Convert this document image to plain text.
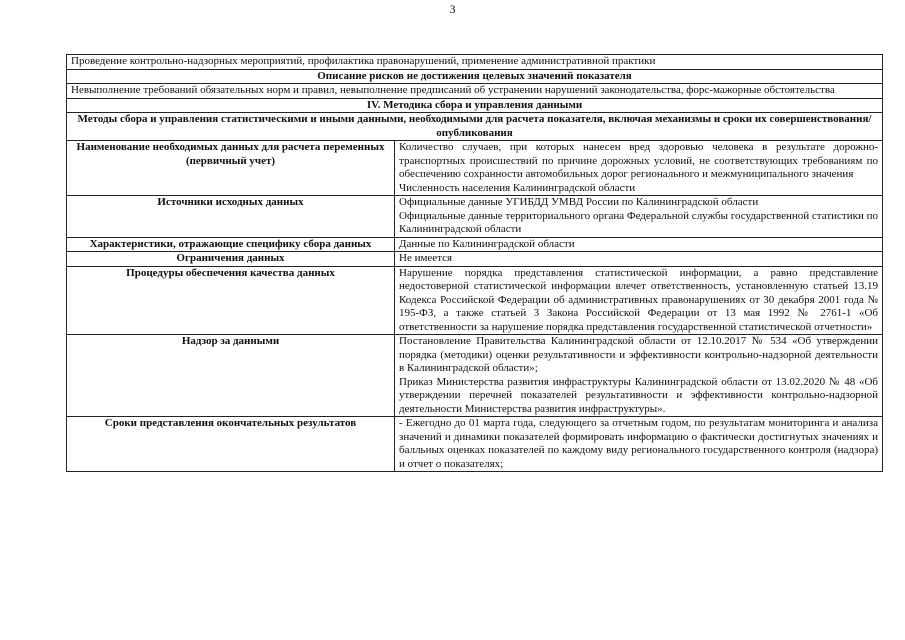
3
Проведение контрольно-надзорных мероприятий, профилактика правонарушений, применение административной практики	
Описание рисков не достижения целевых значений показателя	
Невыполнение требований обязательных норм и правил, невыполнение предписаний об устранении нарушений законодательства, форс-мажорные обстоятельства	
IV. Методика сбора и управления данными	
Методы сбора и управления статистическими и иными данными, необходимыми для расчета показателя, включая механизмы и сроки их совершенствования/опубликования	
Наименование необходимых данных для расчета переменных (первичный учет)	Количество случаев, при которых нанесен вред здоровью человека в результате дорожно-транспортных происшествий по причине дорожных условий, не соответствующих требованиям по обеспечению сохранности автомобильных дорог регионального и межмуниципального значения
Численность населения Калининградской области

Источники исходных данных	Официальные данные УГИБДД УМВД России по Калининградской области
Официальные данные территориального органа Федеральной службы государственной статистики по Калининградской области

Характеристики, отражающие специфику сбора данных	Данные по Калининградской области
Ограничения данных	Не имеется
Процедуры обеспечения качества данных	Нарушение порядка представления статистической информации, а равно представление недостоверной статистической информации влечет ответственность, установленную статьей 13.19 Кодекса Российской Федерации об административных правонарушениях от 30 декабря 2001 года № 195-ФЗ, а также статьей 3 Закона Российской Федерации от 13 мая 1992 № 2761-1 «Об ответственности за нарушение порядка представления государственной статистической отчетности»
Надзор за данными	Постановление Правительства Калининградской области от 12.10.2017 № 534 «Об утверждении порядка (методики) оценки результативности и эффективности контрольно-надзорной деятельности в Калининградской области»;
Приказ Министерства развития инфраструктуры Калининградской области от 13.02.2020 № 48 «Об утверждении перечней показателей результативности и эффективности контрольно-надзорной деятельности Министерства развития инфраструктуры».

Сроки представления окончательных результатов	- Ежегодно до 01 марта года, следующего за отчетным годом, по результатам мониторинга и анализа значений и динамики показателей формировать информацию о фактически достигнутых значениях и балльных оценках показателей по каждому виду регионального государственного контроля (надзора) и отчет о показателях;
